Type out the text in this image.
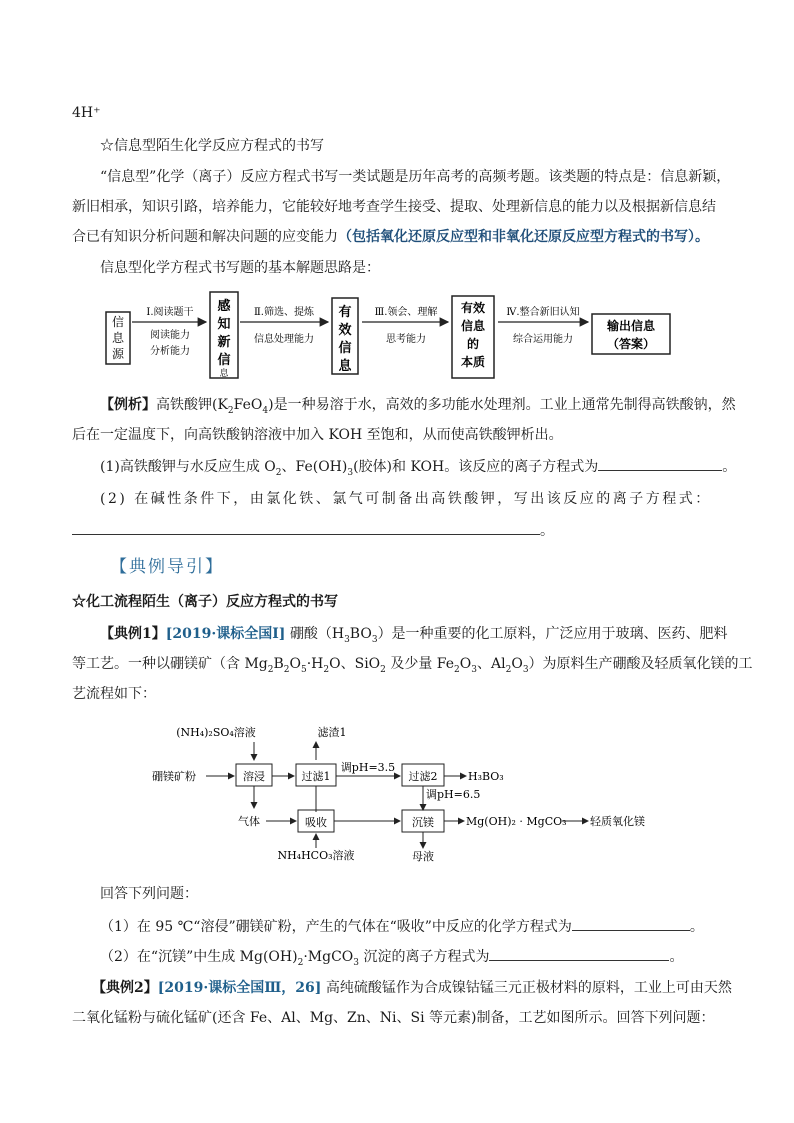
4H⁺
☆信息型陌生化学反应方程式的书写
“信息型”化学（离子）反应方程式书写一类试题是历年高考的高频考题。该类题的特点是：信息新颖，
新旧相承，知识引路，培养能力，它能较好地考查学生接受、提取、处理新信息的能力以及根据新信息结
合已有知识分析问题和解决问题的应变能力（包括氧化还原反应型和非氧化还原反应型方程式的书写）。
信息型化学方程式书写题的基本解题思路是：
信
息
源
Ⅰ.阅读题干
阅读能力
分析能力
感
知
新
信
息
Ⅱ.筛选、提炼
信息处理能力
有
效
信
息
Ⅲ.领会、理解
思考能力
有效
信息
的
本质
Ⅳ.整合新旧认知
综合运用能力
输出信息
（答案）
【例析】高铁酸钾$(K_2FeO_4)$是一种易溶于水，高效的多功能水处理剂。工业上通常先制得高铁酸钠，然
后在一定温度下，向高铁酸钠溶液中加入 KOH 至饱和，从而使高铁酸钾析出。
(1)高铁酸钾与水反应生成 $O_2$、$Fe(OH)_3$(胶体)和 KOH。该反应的离子方程式为	。
(2) 在碱性条件下，由氯化铁、氯气可制备出高铁酸钾，写出该反应的离子方程式：
。
【典例导引】
☆化工流程陌生（离子）反应方程式的书写
【典例1】[2019·课标全国Ⅰ] 硼酸$(H_3BO_3)$是一种重要的化工原料，广泛应用于玻璃、医药、肥料
等工艺。一种以硼镁矿（含 $Mg_2B_2O_5\cdot H_2O$、SiO$_2$ 及少量 $Fe_2O_3$、$Al_2O_3$）为原料生产硼酸及轻质氧化镁的工
艺流程如下：
(NH₄)₂SO₄溶液	滤渣1
硼镁矿粉	溶浸	过滤1
调pH=3.5
过滤2	H₃BO₃
调pH=6.5
气体	吸收	沉镁	Mg(OH)₂ · MgCO₃ 轻质氧化镁
NH₄HCO₃溶液	母液
回答下列问题：
（1）在 95 ℃“溶侵”硼镁矿粉，产生的气体在“吸收”中反应的化学方程式为	。
（2）在“沉镁”中生成 $Mg(OH)_2\cdot MgCO_3$ 沉淀的离子方程式为	。
【典例2】[2019·课标全国Ⅲ，26] 高纯硫酸锰作为合成镍钴锰三元正极材料的原料，工业上可由天然
二氧化锰粉与硫化锰矿(还含 Fe、Al、Mg、Zn、Ni、Si 等元素)制备，工艺如图所示。回答下列问题：
